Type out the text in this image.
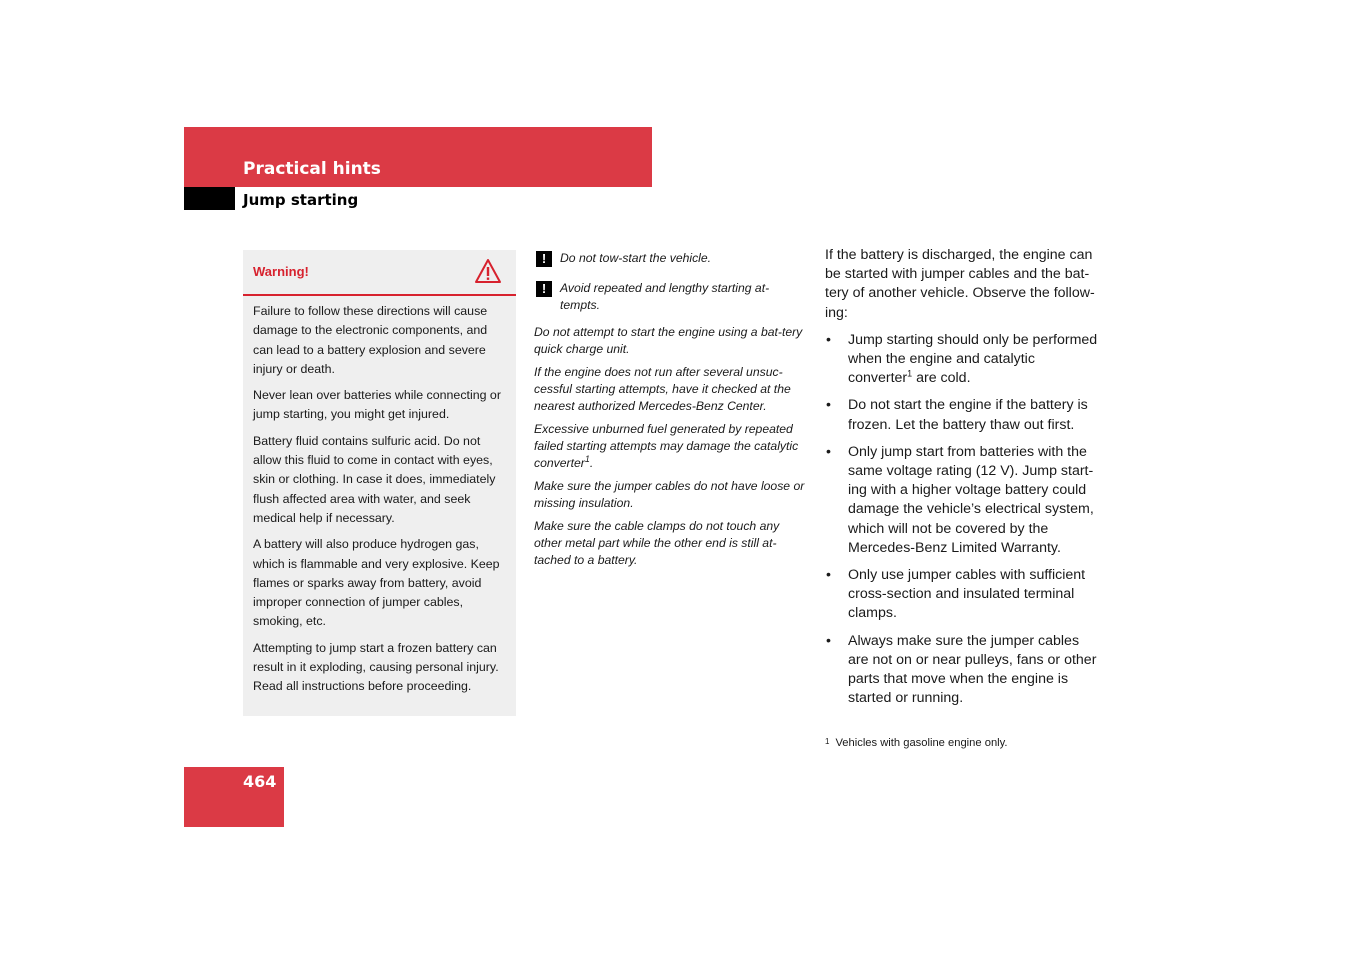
Practical hints
Jump starting
Warning!

Failure to follow these directions will cause damage to the electronic components, and can lead to a battery explosion and severe injury or death.

Never lean over batteries while connecting or jump starting, you might get injured.

Battery fluid contains sulfuric acid. Do not allow this fluid to come in contact with eyes, skin or clothing. In case it does, immediately flush affected area with water, and seek medical help if necessary.

A battery will also produce hydrogen gas, which is flammable and very explosive. Keep flames or sparks away from battery, avoid improper connection of jumper cables, smoking, etc.

Attempting to jump start a frozen battery can result in it exploding, causing personal injury.

Read all instructions before proceeding.

!	Do not tow-start the vehicle.

!	Avoid repeated and lengthy starting at-tempts.

Do not attempt to start the engine using a bat-tery quick charge unit.

If the engine does not run after several unsuc-cessful starting attempts, have it checked at the nearest authorized Mercedes-Benz Center.

Excessive unburned fuel generated by repeated failed starting attempts may damage the catalytic converter$^1$.

Make sure the jumper cables do not have loose or missing insulation.

Make sure the cable clamps do not touch any other metal part while the other end is still at-tached to a battery.

If the battery is discharged, the engine can be started with jumper cables and the bat-tery of another vehicle. Observe the follow-ing:

• Jump starting should only be performed when the engine and catalytic converter$^1$ are cold.
• Do not start the engine if the battery is frozen. Let the battery thaw out first.
• Only jump start from batteries with the same voltage rating (12 V). Jump start-ing with a higher voltage battery could damage the vehicle’s electrical system, which will not be covered by the Mercedes-Benz Limited Warranty.
• Only use jumper cables with sufficient cross-section and insulated terminal clamps.
• Always make sure the jumper cables are not on or near pulleys, fans or other parts that move when the engine is started or running.
$^1$ Vehicles with gasoline engine only.
464
